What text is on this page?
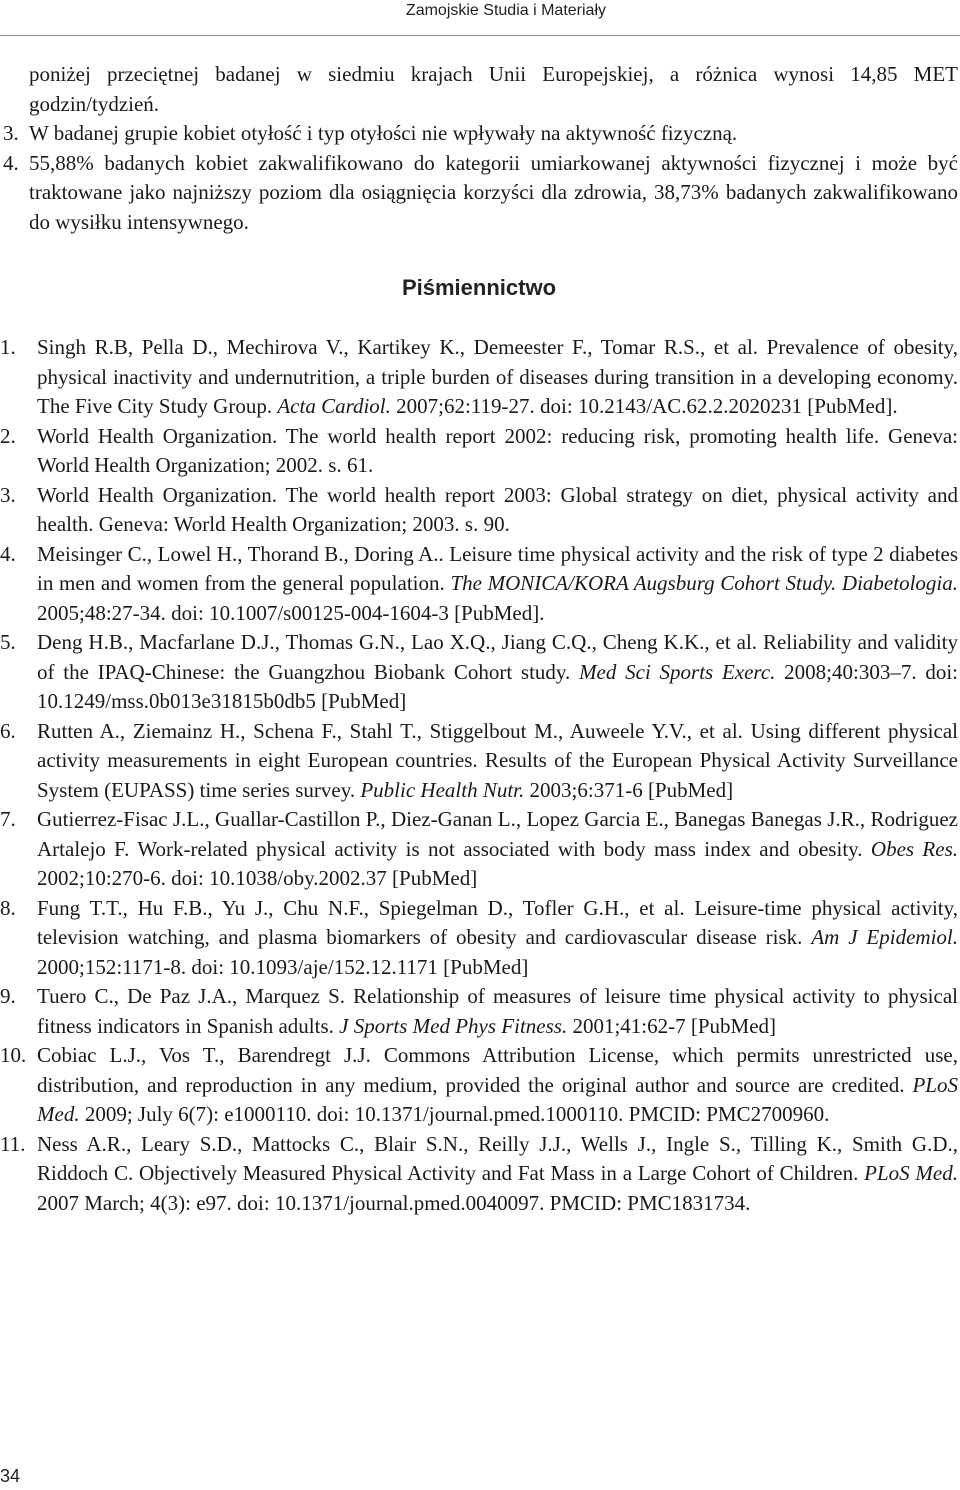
Zamojskie Studia i Materiały

poniżej przeciętnej badanej w siedmiu krajach Unii Europejskiej, a różnica wynosi 14,85 MET godzin/tydzień.

3. W badanej grupie kobiet otyłość i typ otyłości nie wpływały na aktywność fizyczną.
4. 55,88% badanych kobiet zakwalifikowano do kategorii umiarkowanej aktywności fizycznej i może być traktowane jako najniższy poziom dla osiągnięcia korzyści dla zdrowia, 38,73% badanych zakwalifikowano do wysiłku intensywnego.
Piśmiennictwo

1. Singh R.B, Pella D., Mechirova V., Kartikey K., Demeester F., Tomar R.S., et al. Prevalence of obesity, physical inactivity and undernutrition, a triple burden of diseases during transition in a developing economy. The Five City Study Group. Acta Cardiol. 2007;62:119-27. doi: 10.2143/AC.62.2.2020231 [PubMed].

2. World Health Organization. The world health report 2002: reducing risk, promoting health life. Geneva: World Health Organization; 2002. s. 61.

3. World Health Organization. The world health report 2003: Global strategy on diet, physical activity and health. Geneva: World Health Organization; 2003. s. 90.

4. Meisinger C., Lowel H., Thorand B., Doring A.. Leisure time physical activity and the risk of type 2 diabetes in men and women from the general population. The MONICA/KORA Augsburg Cohort Study. Diabetologia. 2005;48:27-34. doi: 10.1007/s00125-004-1604-3 [PubMed].

5. Deng H.B., Macfarlane D.J., Thomas G.N., Lao X.Q., Jiang C.Q., Cheng K.K., et al. Reliability and validity of the IPAQ-Chinese: the Guangzhou Biobank Cohort study. Med Sci Sports Exerc. 2008;40:303–7. doi: 10.1249/mss.0b013e31815b0db5 [PubMed]

6. Rutten A., Ziemainz H., Schena F., Stahl T., Stiggelbout M., Auweele Y.V., et al. Using different physical activity measurements in eight European countries. Results of the European Physical Activity Surveillance System (EUPASS) time series survey. Public Health Nutr. 2003;6:371-6 [PubMed]

7. Gutierrez-Fisac J.L., Guallar-Castillon P., Diez-Ganan L., Lopez Garcia E., Banegas Banegas J.R., Rodriguez Artalejo F. Work-related physical activity is not associated with body mass index and obesity. Obes Res. 2002;10:270-6. doi: 10.1038/oby.2002.37 [PubMed]

8. Fung T.T., Hu F.B., Yu J., Chu N.F., Spiegelman D., Tofler G.H., et al. Leisure-time physical activity, television watching, and plasma biomarkers of obesity and cardiovascular disease risk. Am J Epidemiol. 2000;152:1171-8. doi: 10.1093/aje/152.12.1171 [PubMed]

9. Tuero C., De Paz J.A., Marquez S. Relationship of measures of leisure time physical activity to physical fitness indicators in Spanish adults. J Sports Med Phys Fitness. 2001;41:62-7 [PubMed]

10. Cobiac L.J., Vos T., Barendregt J.J. Commons Attribution License, which permits unrestricted use, distribution, and reproduction in any medium, provided the original author and source are credited. PLoS Med. 2009; July 6(7): e1000110. doi: 10.1371/journal.pmed.1000110. PMCID: PMC2700960.

11. Ness A.R., Leary S.D., Mattocks C., Blair S.N., Reilly J.J., Wells J., Ingle S., Tilling K., Smith G.D., Riddoch C. Objectively Measured Physical Activity and Fat Mass in a Large Cohort of Children. PLoS Med. 2007 March; 4(3): e97. doi: 10.1371/journal.pmed.0040097. PMCID: PMC1831734.

34
